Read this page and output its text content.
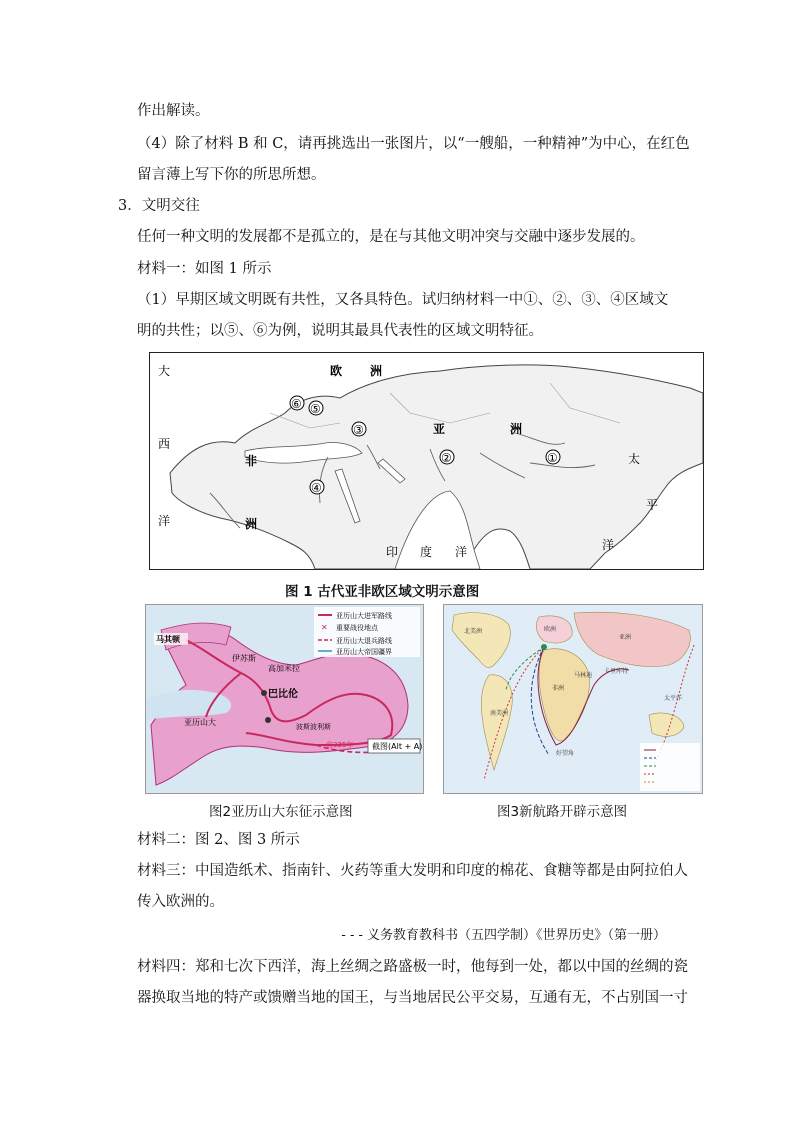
作出解读。
（4）除了材料 B 和 C，请再挑选出一张图片，以“一艘船，一种精神”为中心，在红色
留言薄上写下你的所思所想。
3．文明交往
任何一种文明的发展都不是孤立的，是在与其他文明冲突与交融中逐步发展的。
材料一：如图 1 所示
（1）早期区域文明既有共性，又各具特色。试归纳材料一中①、②、③、④区域文
明的共性；以⑤、⑥为例，说明其最具代表性的区域文明特征。
大	欧 洲
西
洋
非
洲
亚	洲
太
平
洋
印 度 洋
⑥ ⑤
③
②	①
④
图 1 古代亚非欧区域文明示意图
亚历山大进军路线
✕ 重要战役地点
亚历山大退兵路线
亚历山大帝国疆界
马其顿
伊苏斯
高加米拉
巴比伦
亚历山大	波斯波利斯
前325年 截图(Alt + A)
图2亚历山大东征示意图
北美洲	欧洲
亚洲
非洲
南美洲
太平洋
马林迪
卡里库特
好望角
图3新航路开辟示意图
材料二：图 2、图 3 所示
材料三：中国造纸术、指南针、火药等重大发明和印度的棉花、食糖等都是由阿拉伯人
传入欧洲的。
- - - 义务教育教科书（五四学制）《世界历史》（第一册）
材料四：郑和七次下西洋，海上丝绸之路盛极一时，他每到一处，都以中国的丝绸的瓷
器换取当地的特产或馈赠当地的国王，与当地居民公平交易，互通有无，不占别国一寸
